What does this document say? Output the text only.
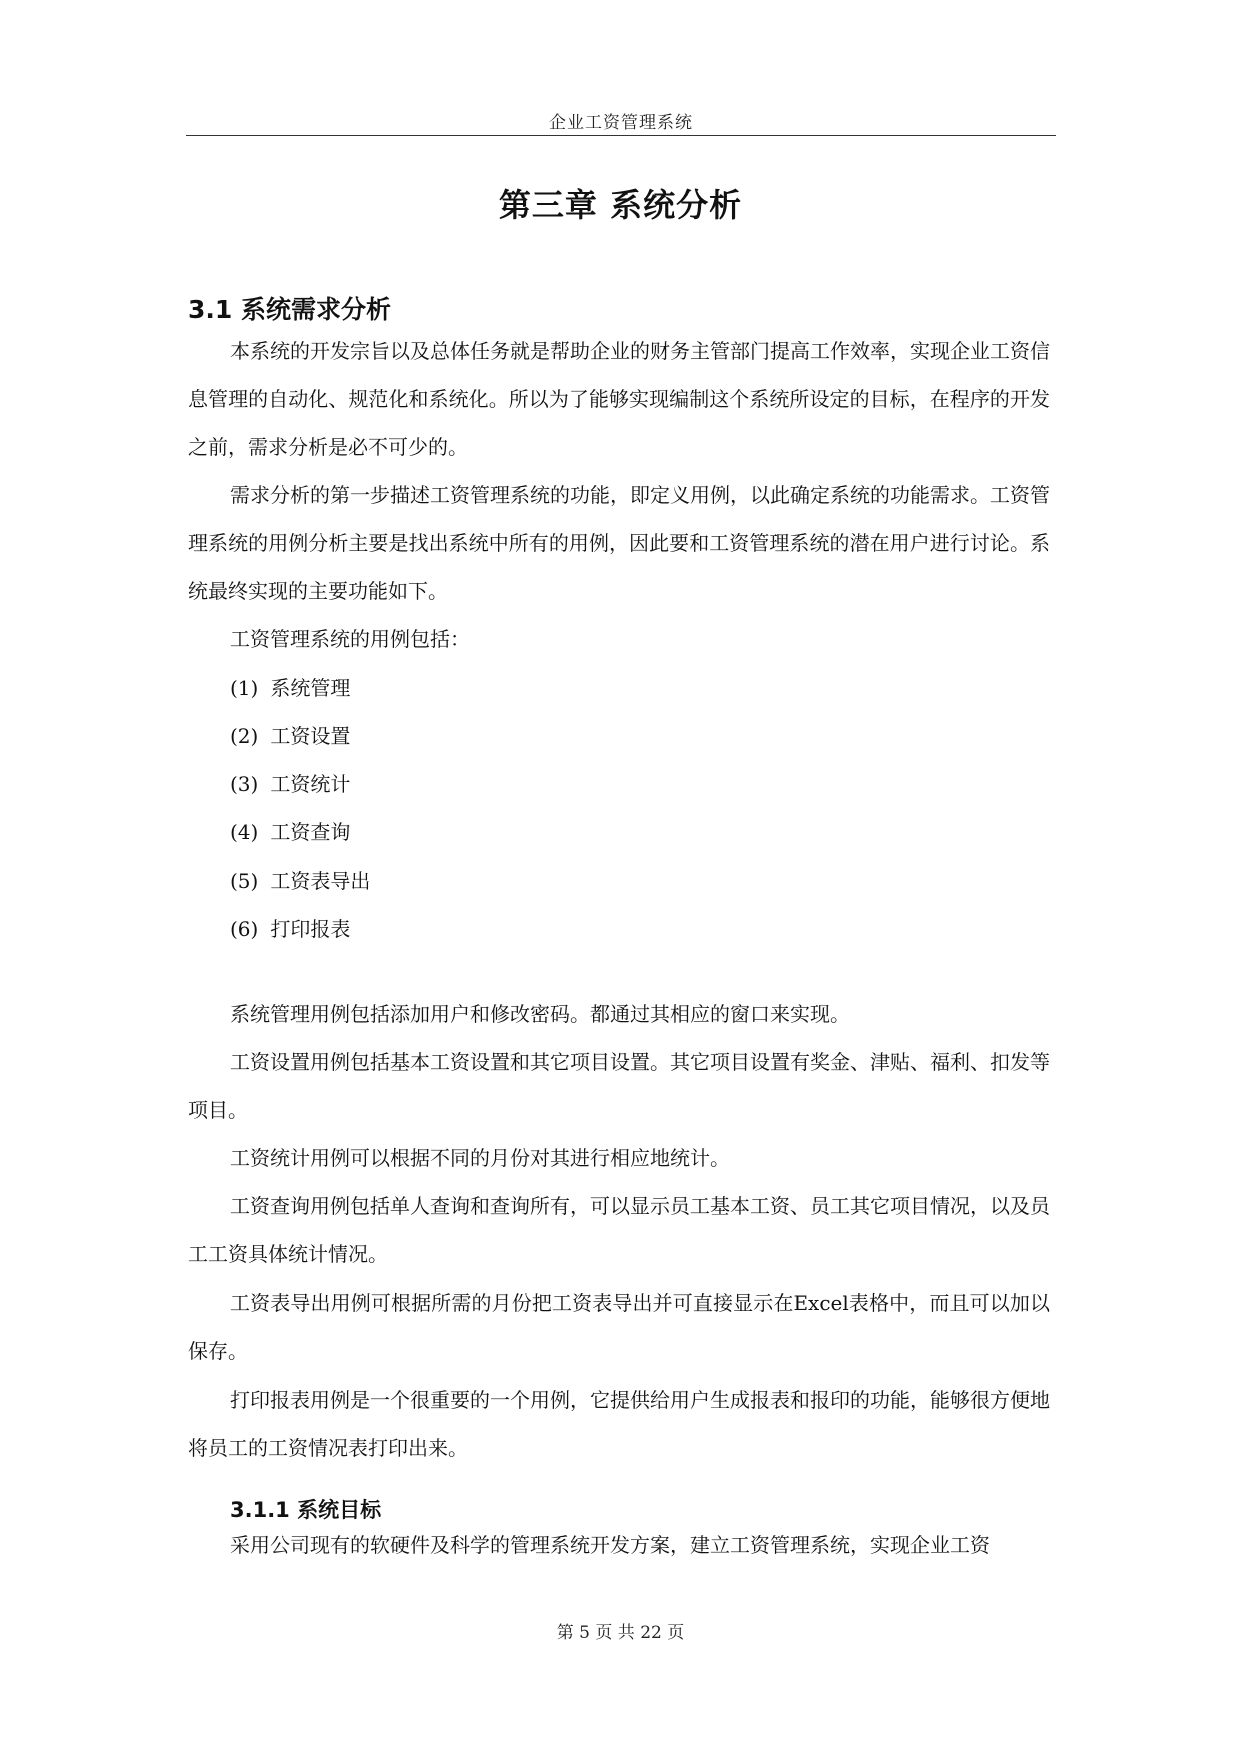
企业工资管理系统
第三章 系统分析
3.1 系统需求分析

本系统的开发宗旨以及总体任务就是帮助企业的财务主管部门提高工作效率，实现企业工资信息管理的自动化、规范化和系统化。所以为了能够实现编制这个系统所设定的目标，在程序的开发之前，需求分析是必不可少的。

需求分析的第一步描述工资管理系统的功能，即定义用例，以此确定系统的功能需求。工资管理系统的用例分析主要是找出系统中所有的用例，因此要和工资管理系统的潜在用户进行讨论。系统最终实现的主要功能如下。

工资管理系统的用例包括：

(1) 系统管理
(2) 工资设置
(3) 工资统计
(4) 工资查询
(5) 工资表导出
(6) 打印报表

系统管理用例包括添加用户和修改密码。都通过其相应的窗口来实现。

工资设置用例包括基本工资设置和其它项目设置。其它项目设置有奖金、津贴、福利、扣发等项目。

工资统计用例可以根据不同的月份对其进行相应地统计。

工资查询用例包括单人查询和查询所有，可以显示员工基本工资、员工其它项目情况，以及员工工资具体统计情况。

工资表导出用例可根据所需的月份把工资表导出并可直接显示在Excel表格中，而且可以加以保存。

打印报表用例是一个很重要的一个用例，它提供给用户生成报表和报印的功能，能够很方便地将员工的工资情况表打印出来。

3.1.1 系统目标

采用公司现有的软硬件及科学的管理系统开发方案，建立工资管理系统，实现企业工资

第 5 页 共 22 页
